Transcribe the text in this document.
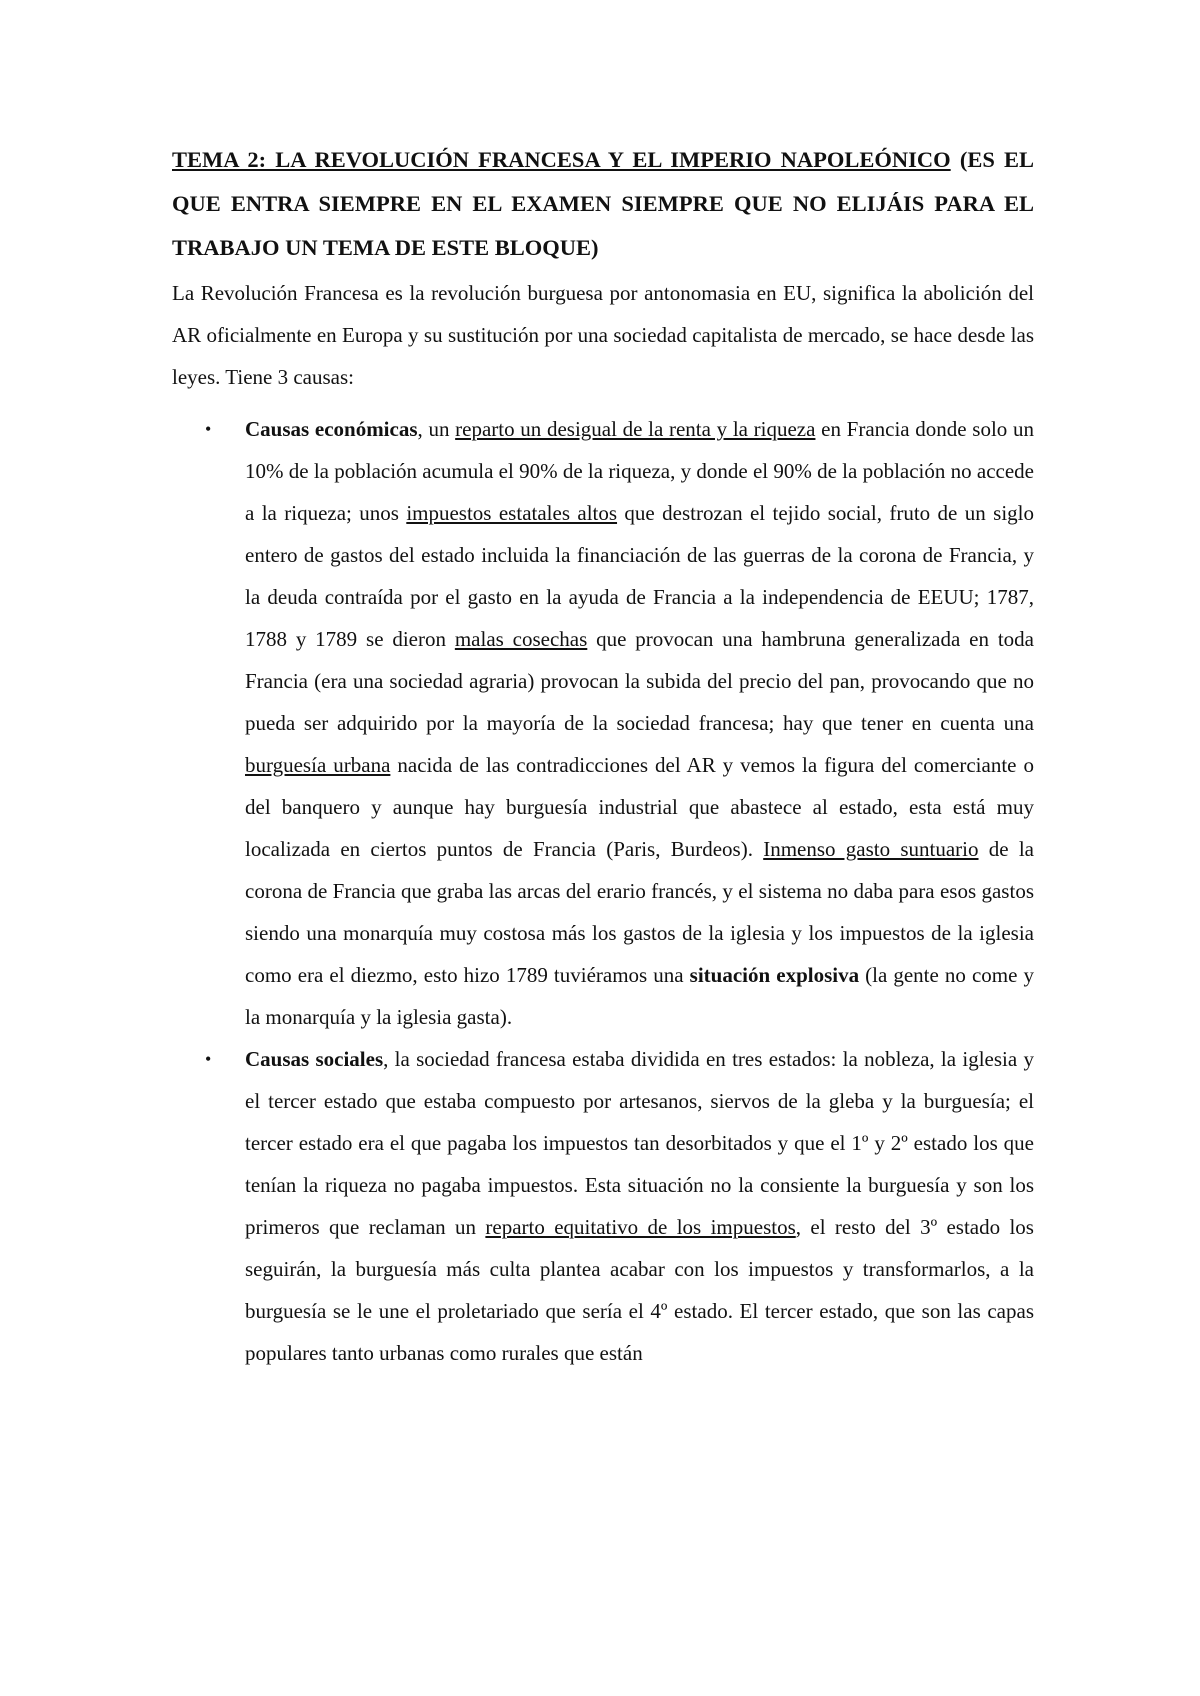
TEMA 2: LA REVOLUCIÓN FRANCESA Y EL IMPERIO NAPOLEÓNICO (ES EL QUE ENTRA SIEMPRE EN EL EXAMEN SIEMPRE QUE NO ELIJÁIS PARA EL TRABAJO UN TEMA DE ESTE BLOQUE)

La Revolución Francesa es la revolución burguesa por antonomasia en EU, significa la abolición del AR oficialmente en Europa y su sustitución por una sociedad capitalista de mercado, se hace desde las leyes. Tiene 3 causas:

• Causas económicas, un reparto un desigual de la renta y la riqueza en Francia donde solo un 10% de la población acumula el 90% de la riqueza, y donde el 90% de la población no accede a la riqueza; unos impuestos estatales altos que destrozan el tejido social, fruto de un siglo entero de gastos del estado incluida la financiación de las guerras de la corona de Francia, y la deuda contraída por el gasto en la ayuda de Francia a la independencia de EEUU; 1787, 1788 y 1789 se dieron malas cosechas que provocan una hambruna generalizada en toda Francia (era una sociedad agraria) provocan la subida del precio del pan, provocando que no pueda ser adquirido por la mayoría de la sociedad francesa; hay que tener en cuenta una burguesía urbana nacida de las contradicciones del AR y vemos la figura del comerciante o del banquero y aunque hay burguesía industrial que abastece al estado, esta está muy localizada en ciertos puntos de Francia (Paris, Burdeos). Inmenso gasto suntuario de la corona de Francia que graba las arcas del erario francés, y el sistema no daba para esos gastos siendo una monarquía muy costosa más los gastos de la iglesia y los impuestos de la iglesia como era el diezmo, esto hizo 1789 tuviéramos una situación explosiva (la gente no come y la monarquía y la iglesia gasta).
• Causas sociales, la sociedad francesa estaba dividida en tres estados: la nobleza, la iglesia y el tercer estado que estaba compuesto por artesanos, siervos de la gleba y la burguesía; el tercer estado era el que pagaba los impuestos tan desorbitados y que el 1º y 2º estado los que tenían la riqueza no pagaba impuestos. Esta situación no la consiente la burguesía y son los primeros que reclaman un reparto equitativo de los impuestos, el resto del 3º estado los seguirán, la burguesía más culta plantea acabar con los impuestos y transformarlos, a la burguesía se le une el proletariado que sería el 4º estado. El tercer estado, que son las capas populares tanto urbanas como rurales que están
